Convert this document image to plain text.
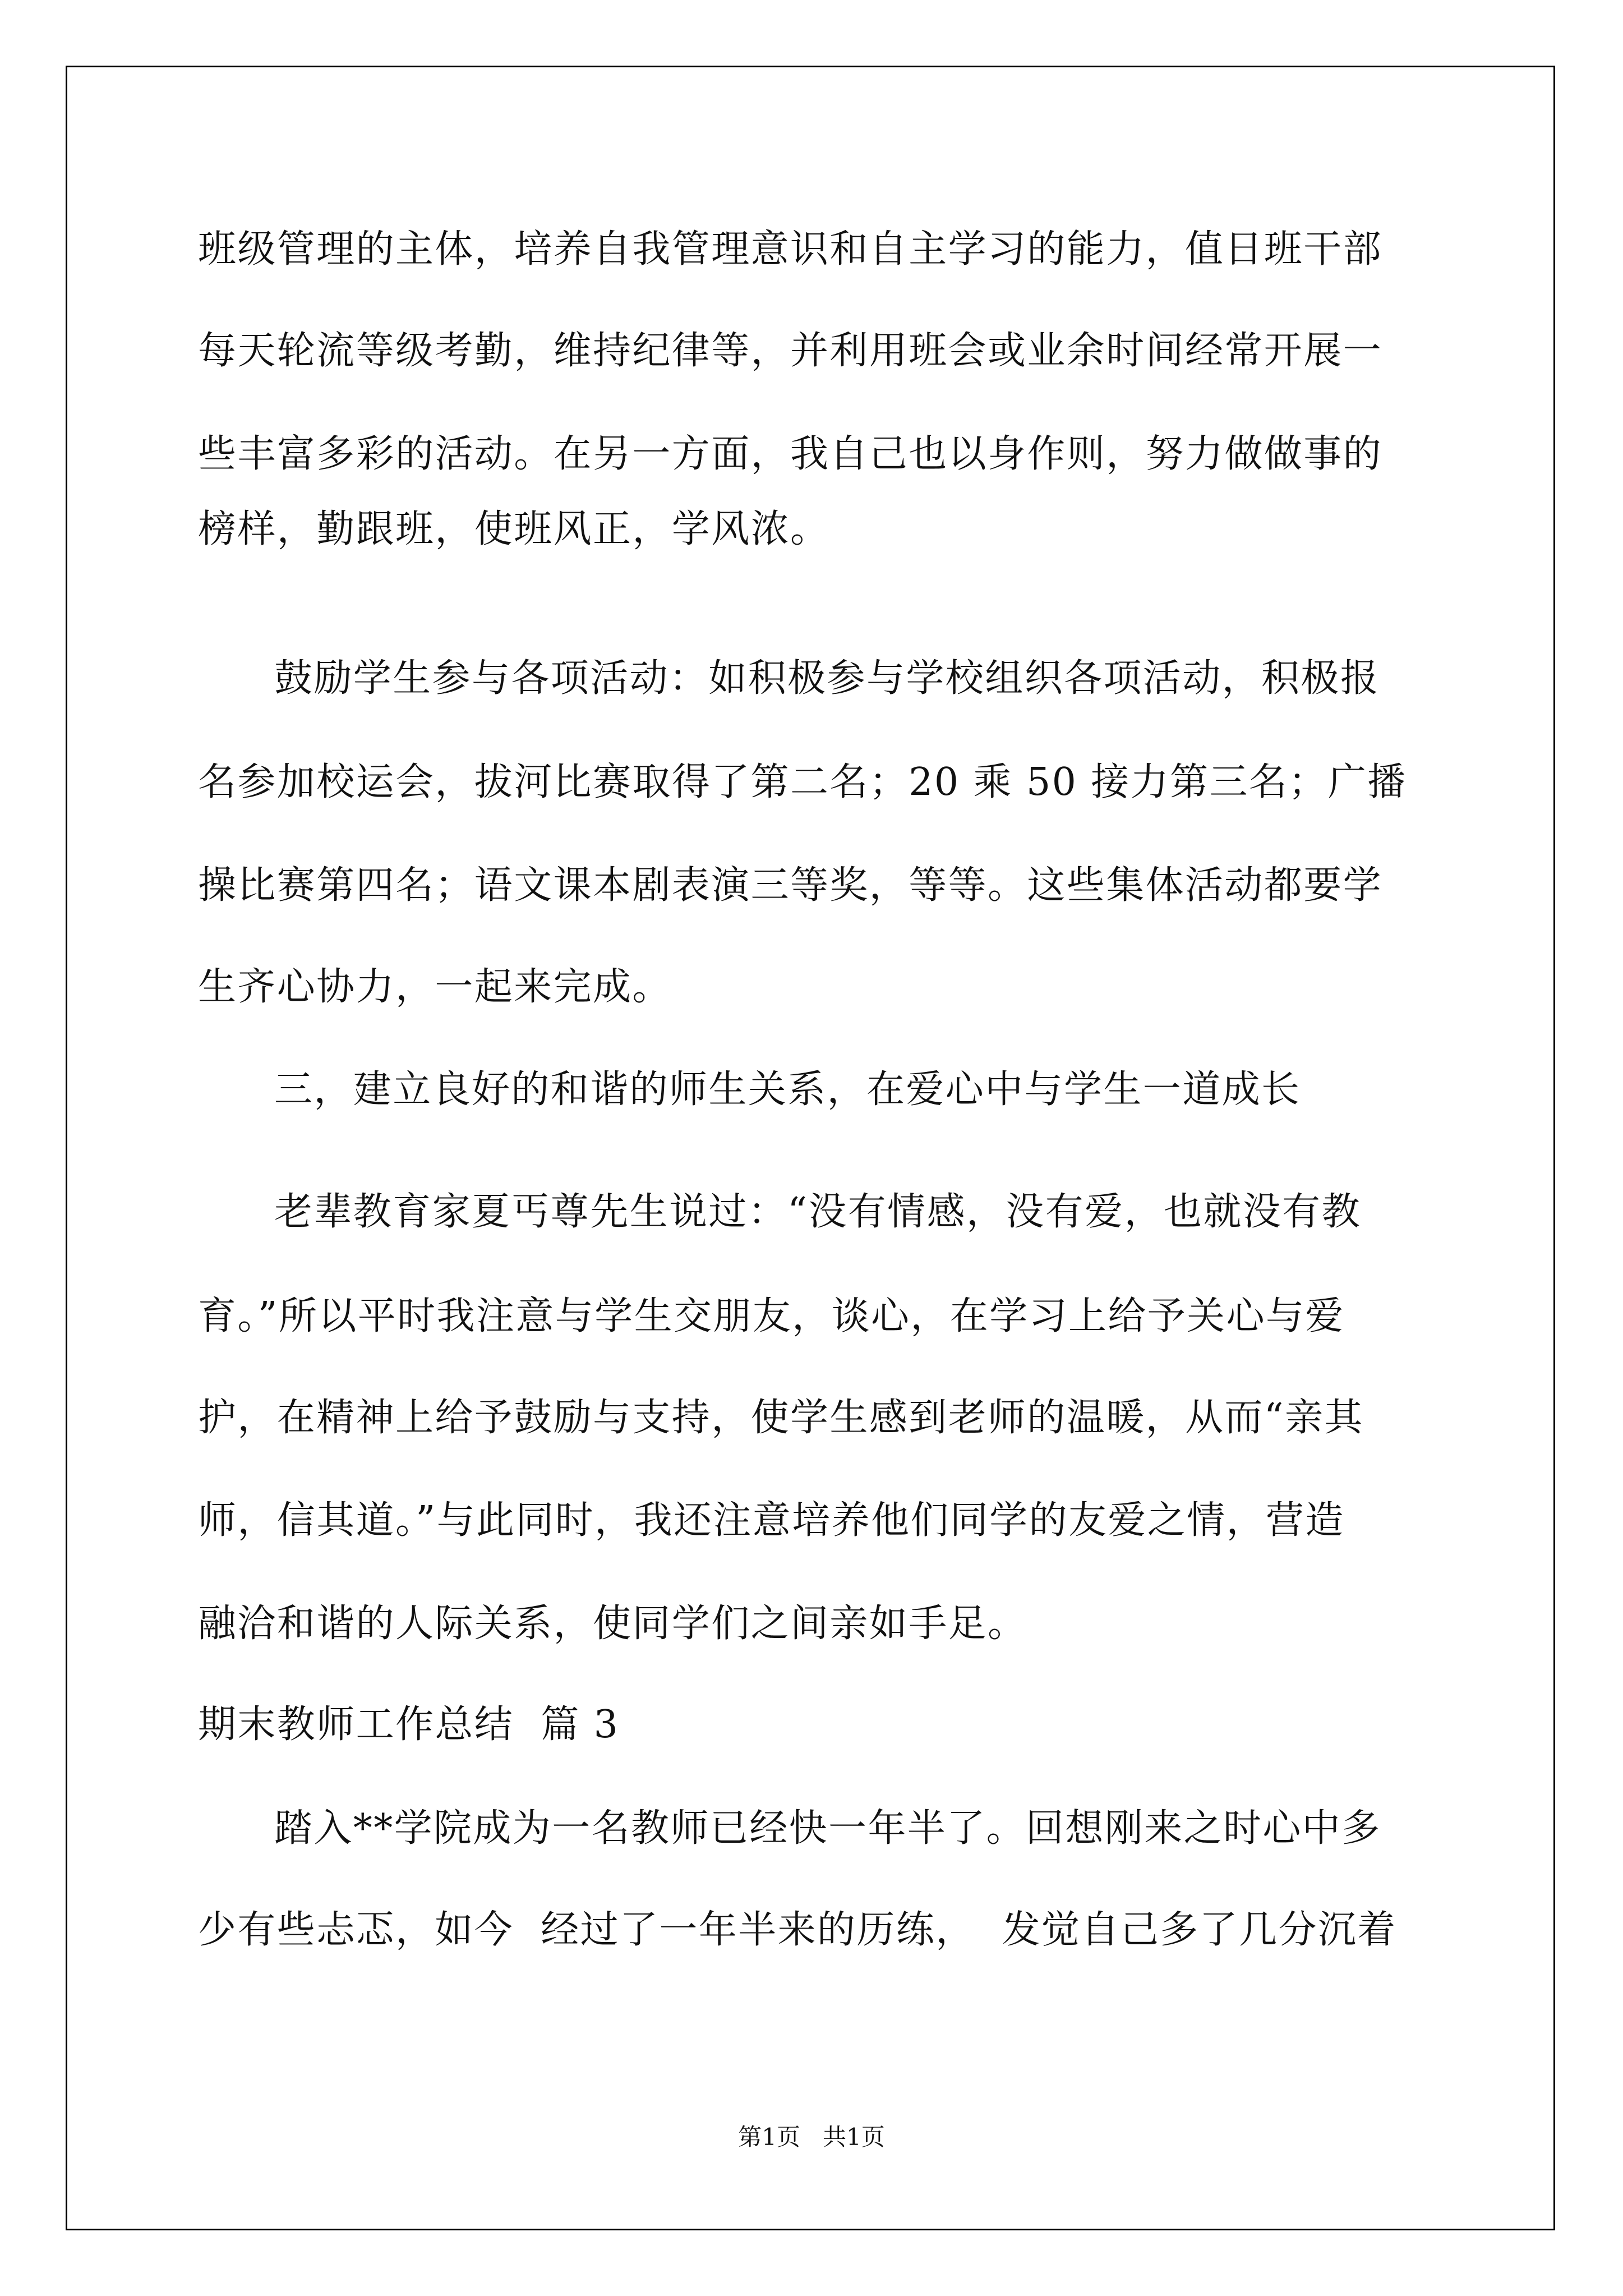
班级管理的主体，培养自我管理意识和自主学习的能力，值日班干部
每天轮流等级考勤，维持纪律等，并利用班会或业余时间经常开展一
些丰富多彩的活动。在另一方面，我自己也以身作则，努力做做事的
榜样，勤跟班，使班风正，学风浓。
鼓励学生参与各项活动：如积极参与学校组织各项活动，积极报
名参加校运会，拔河比赛取得了第二名；20 乘 50 接力第三名；广播
操比赛第四名；语文课本剧表演三等奖，等等。这些集体活动都要学
生齐心协力，一起来完成。
三，建立良好的和谐的师生关系，在爱心中与学生一道成长
老辈教育家夏丐尊先生说过：“没有情感，没有爱，也就没有教
育。”所以平时我注意与学生交朋友，谈心，在学习上给予关心与爱
护，在精神上给予鼓励与支持，使学生感到老师的温暖，从而“亲其
师，信其道。”与此同时，我还注意培养他们同学的友爱之情，营造
融洽和谐的人际关系，使同学们之间亲如手足。
期末教师工作总结  篇 3
踏入**学院成为一名教师已经快一年半了。回想刚来之时心中多
少有些忐忑，如今  经过了一年半来的历练，  发觉自己多了几分沉着
第1页   共1页
